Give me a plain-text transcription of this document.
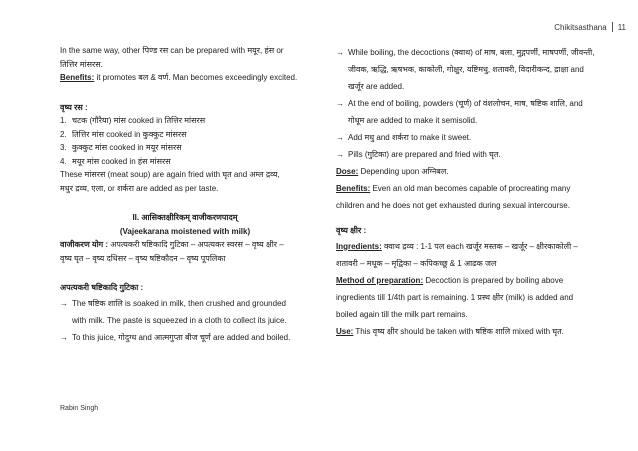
Chikitsasthana 11

In the same way, other पिण्ड रस can be prepared with मयूर, हंस or

तित्तिर मांसरस.

Benefits: it promotes बल & वर्ण. Man becomes exceedingly excited.

वृष्य रस :

1. चटक (गौरैया) मांस cooked in तित्तिर मांसरस

2. तित्तिर मांस cooked in कुक्कुट मांसरस

3. कुक्कुट मांस cooked in मयूर मांसरस

4. मयूर मांस cooked in हंस मांसरस

These मांसरस (meat soup) are again fried with घृत and अम्ल द्रव्य,

मधुर द्रव्य, एला, or शर्करा are added as per taste.

II. आसिक्तक्षीरिकम् वाजीकरणपादम्

(Vajeekarana moistened with milk)

वाजीकरण योग : अपत्यकरी षष्टिकादि गुटिका – अपत्यकर स्वरस – वृष्य क्षीर –

वृष्य घृत – वृष्य दधिसर – वृष्य षष्टिकौदन – वृष्य पूपलिका

अपत्यकरी षष्टिकादि गुटिका :

→ The षष्टिक शालि is soaked in milk, then crushed and grounded
with milk. The paste is squeezed in a cloth to collect its juice.
→ To this juice, गोदुग्ध and आत्मगुप्ता बीज चूर्ण are added and boiled.
→ While boiling, the decoctions (क्वाथ) of माष, बला, मुद्गपर्णी, माषपर्णी, जीवन्ती, जीवक, ऋद्धि, ऋषभक, काकोली, गोक्षुर, यष्टिमधु, शतावरी, विदारीकन्द, द्राक्षा and खर्जूर are added.
→ At the end of boiling, powders (चूर्ण) of वंशलोचन, माष, षष्टिक शालि, and गोधूम are added to make it semisolid.
→ Add मधु and शर्करा to make it sweet.
→ Pills (गुटिका) are prepared and fried with घृत.

Dose: Depending upon अग्निबल.

Benefits: Even an old man becomes capable of procreating many children and he does not get exhausted during sexual intercourse.

वृष्य क्षीर :

Ingredients: क्वाथ द्रव्य : 1-1 पल each खर्जूर मस्तक – खर्जूर – क्षीरकाकोली – शतावरी – मधूक – मृद्विका – कपिकच्छू & 1 आढक जल

Method of preparation: Decoction is prepared by boiling above ingredients till 1/4th part is remaining. 1 प्रस्थ क्षीर (milk) is added and boiled again till the milk part remains.

Use: This वृष्य क्षीर should be taken with षष्टिक शालि mixed with घृत.

Rabin Singh
